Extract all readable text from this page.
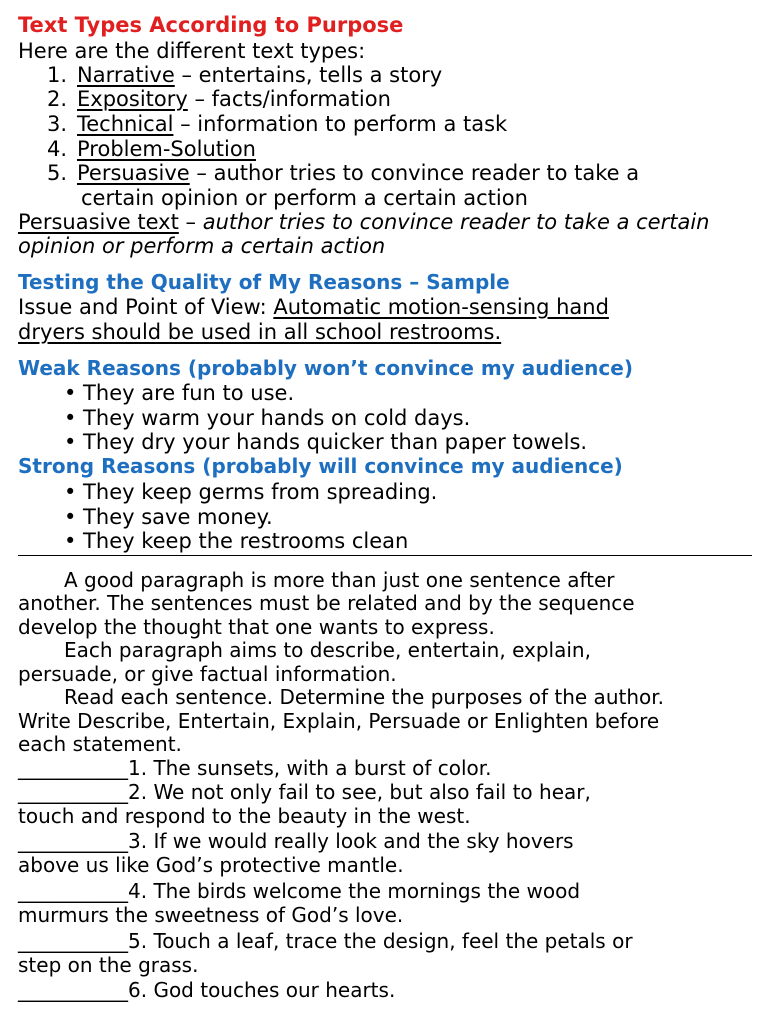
Text Types According to Purpose
Here are the different text types:
1. Narrative – entertains, tells a story
2. Expository – facts/information
3. Technical – information to perform a task
4. Problem-Solution
5. Persuasive – author tries to convince reader to take a
certain opinion or perform a certain action
Persuasive text – author tries to convince reader to take a certain
opinion or perform a certain action
Testing the Quality of My Reasons – Sample
Issue and Point of View: Automatic motion-sensing hand
dryers should be used in all school restrooms.
Weak Reasons (probably won’t convince my audience)
• They are fun to use.
• They warm your hands on cold days.
• They dry your hands quicker than paper towels.
Strong Reasons (probably will convince my audience)
• They keep germs from spreading.
• They save money.
• They keep the restrooms clean
A good paragraph is more than just one sentence after
another. The sentences must be related and by the sequence
develop the thought that one wants to express.
Each paragraph aims to describe, entertain, explain,
persuade, or give factual information.
Read each sentence. Determine the purposes of the author.
Write Describe, Entertain, Explain, Persuade or Enlighten before
each statement.
___________1. The sunsets, with a burst of color.
___________2. We not only fail to see, but also fail to hear,
touch and respond to the beauty in the west.
___________3. If we would really look and the sky hovers
above us like God’s protective mantle.
___________4. The birds welcome the mornings the wood
murmurs the sweetness of God’s love.
___________5. Touch a leaf, trace the design, feel the petals or
step on the grass.
___________6. God touches our hearts.
